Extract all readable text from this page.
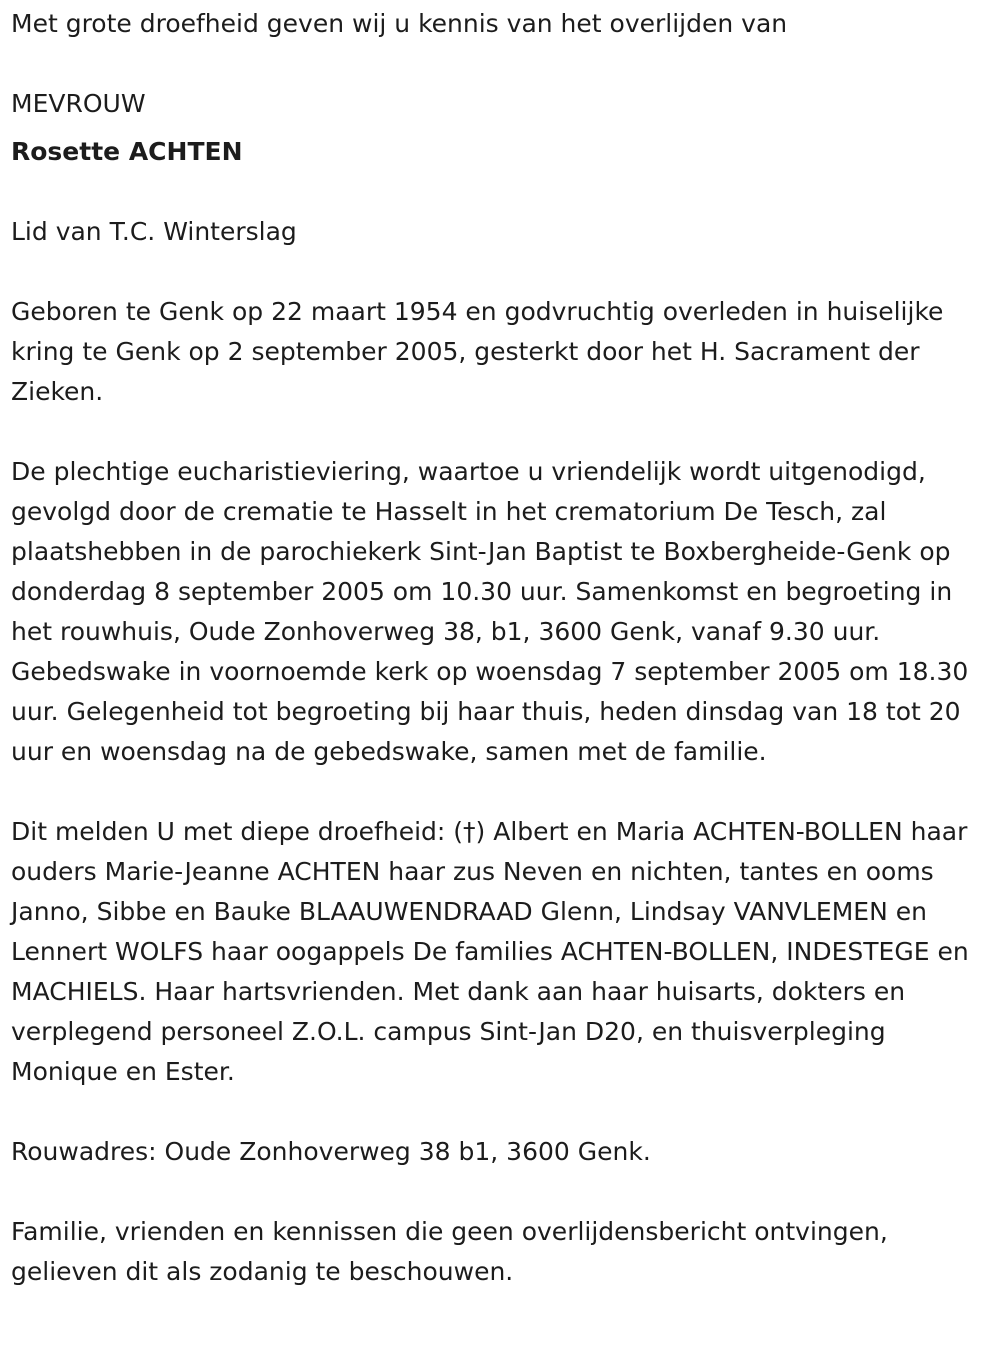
Met grote droefheid geven wij u kennis van het overlijden van

MEVROUW

Rosette ACHTEN

Lid van T.C. Winterslag

Geboren te Genk op 22 maart 1954 en godvruchtig overleden in huiselijke kring te Genk op 2 september 2005, gesterkt door het H. Sacrament der Zieken.

De plechtige eucharistieviering, waartoe u vriendelijk wordt uitgenodigd, gevolgd door de crematie te Hasselt in het crematorium De Tesch, zal plaatshebben in de parochiekerk Sint-Jan Baptist te Boxbergheide-Genk op donderdag 8 september 2005 om 10.30 uur. Samenkomst en begroeting in het rouwhuis, Oude Zonhoverweg 38, b1, 3600 Genk, vanaf 9.30 uur. Gebedswake in voornoemde kerk op woensdag 7 september 2005 om 18.30 uur. Gelegenheid tot begroeting bij haar thuis, heden dinsdag van 18 tot 20 uur en woensdag na de gebedswake, samen met de familie.

Dit melden U met diepe droefheid: (†) Albert en Maria ACHTEN-BOLLEN haar ouders Marie-Jeanne ACHTEN haar zus Neven en nichten, tantes en ooms Janno, Sibbe en Bauke BLAAUWENDRAAD Glenn, Lindsay VANVLEMEN en Lennert WOLFS haar oogappels De families ACHTEN-BOLLEN, INDESTEGE en MACHIELS. Haar hartsvrienden. Met dank aan haar huisarts, dokters en verplegend personeel Z.O.L. campus Sint-Jan D20, en thuisverpleging Monique en Ester.

Rouwadres: Oude Zonhoverweg 38 b1, 3600 Genk.

Familie, vrienden en kennissen die geen overlijdensbericht ontvingen, gelieven dit als zodanig te beschouwen.
